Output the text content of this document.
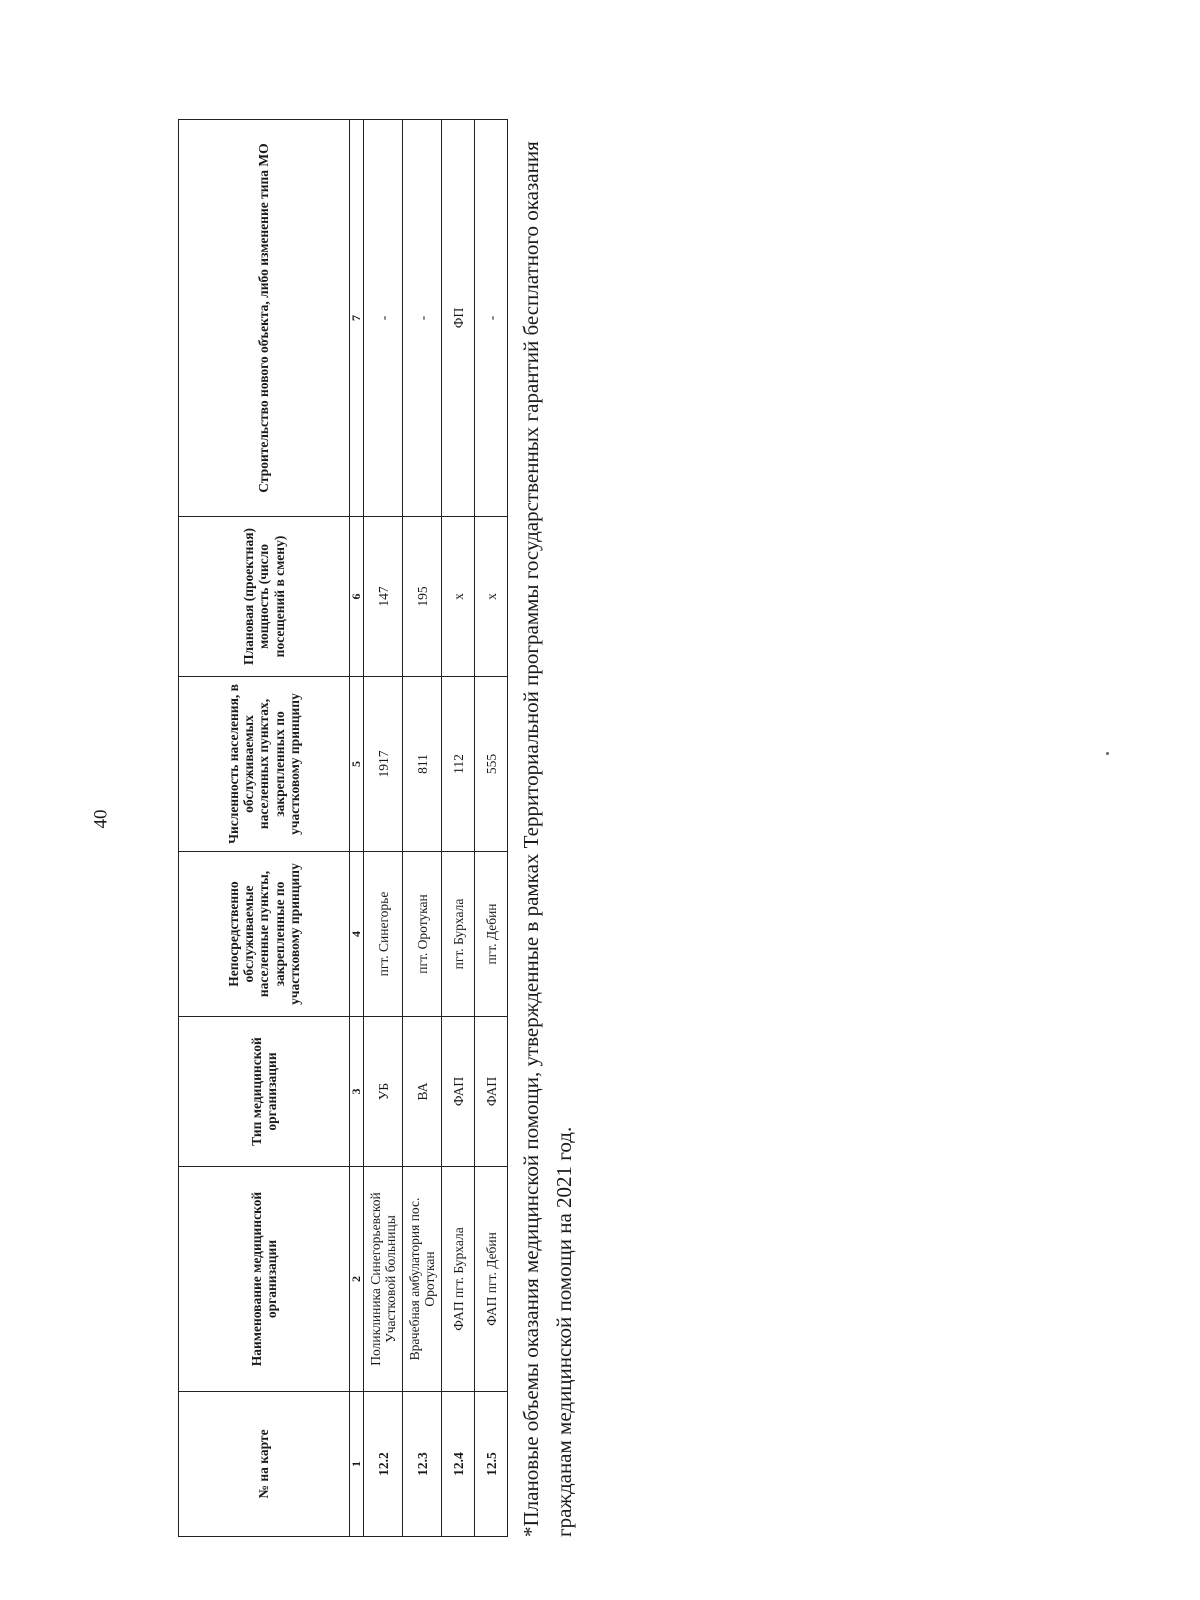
40
№ на карте	Наименование медицинской организации	Тип медицинской организации	Непосредственно обслуживаемые населенные пункты, закрепленные по участковому принципу	Численность населения, в обслуживаемых населенных пунктах, закрепленных по участковому принципу	Плановая (проектная) мощность (число посещений в смену)	Строительство нового объекта, либо изменение типа МО
1	2	3	4	5	6	7
12.2	Поликлиника Синегорьевской Участковой больницы	УБ	пгт. Синегорье	1917	147	-
12.3	Врачебная амбулатория пос. Оротукан	ВА	пгт. Оротукан	811	195	-
12.4	ФАП пгт. Бурхала	ФАП	пгт. Бурхала	112	х	ФП
12.5	ФАП пгт. Дебин	ФАП	пгт. Дебин	555	х	- *Плановые объемы оказания медицинской помощи, утвержденные в рамках Территориальной программы государственных гарантий бесплатного оказания гражданам медицинской помощи на 2021 год.
